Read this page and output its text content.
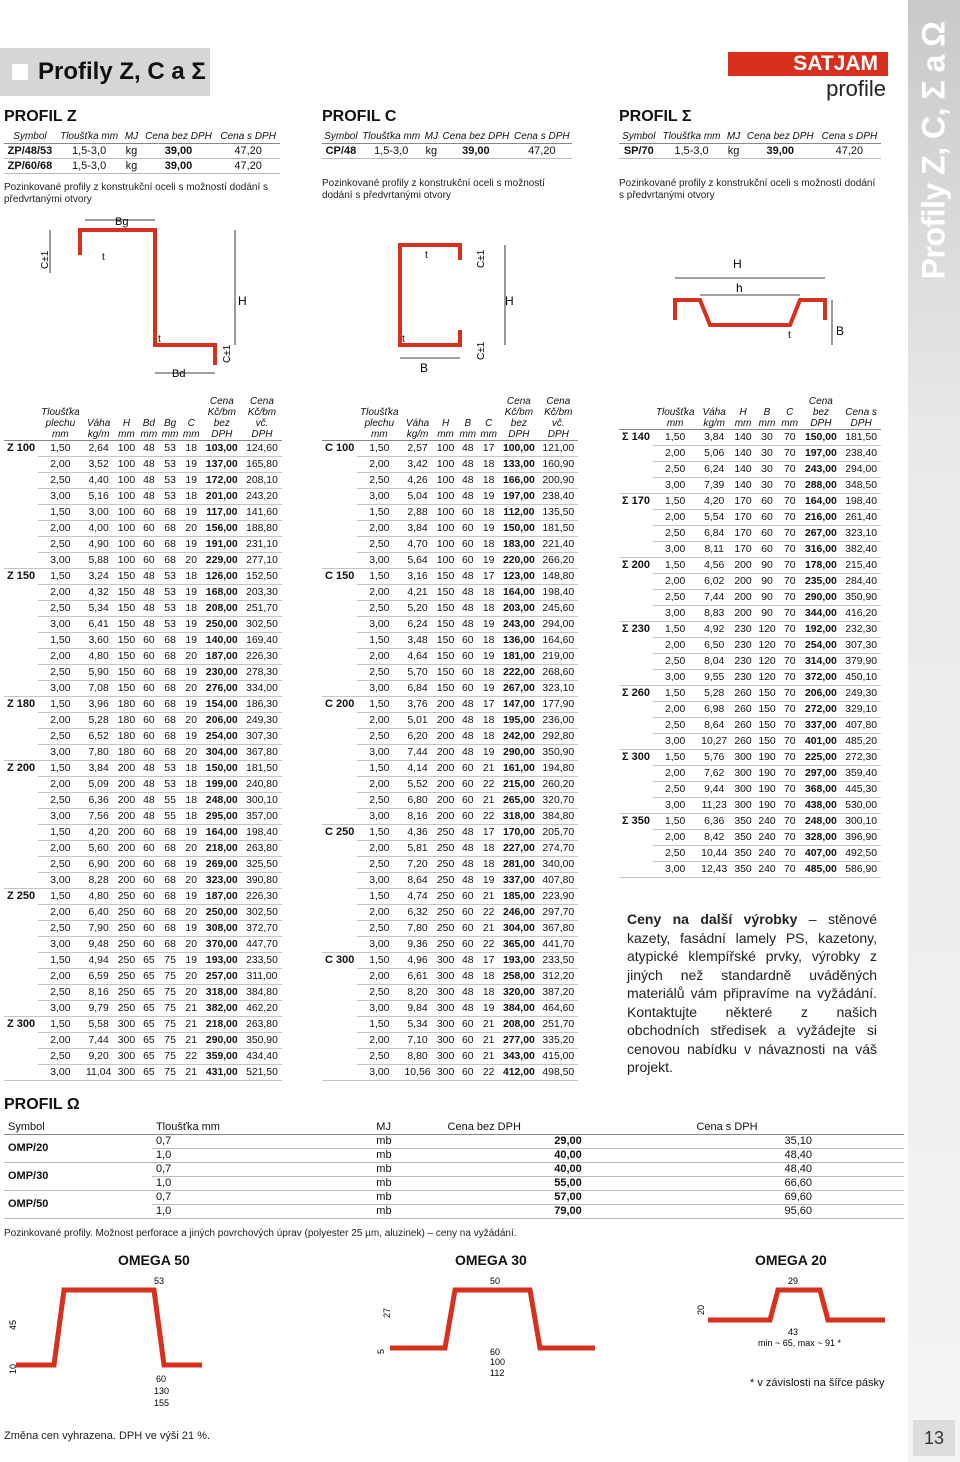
Profily Z, C, Σ a Ω
13
Profily Z, C a Σ	SATJAM
profile
PROFIL Z
Symbol	Tloušťka mm	MJ	Cena bez DPH	Cena s DPH
ZP/48/53	1,5-3,0	kg	39,00	47,20
ZP/60/68	1,5-3,0	kg	39,00	47,20
Pozinkované profily z konstrukční oceli s možností dodání s předvrtanými otvory
PROFIL C
Symbol	Tloušťka mm	MJ	Cena bez DPH	Cena s DPH
CP/48	1,5-3,0	kg	39,00	47,20
Pozinkované profily z konstrukční oceli s možností dodání s předvrtanými otvory
PROFIL Σ
Symbol	Tloušťka mm	MJ	Cena bez DPH	Cena s DPH
SP/70	1,5-3,0	kg	39,00	47,20
Pozinkované profily z konstrukční oceli s možností dodání s předvrtanými otvory
Bg
C±1	t
H
t
C±1
Bd
t	C±1
H
t
C±1
B
H
h
t	B
	Tloušťka plechu mm	Váha kg/m	H mm	Bd mm	Bg mm	C mm	Cena Kč/bm bez DPH	Cena Kč/bm vč. DPH
Z 100	1,50	2,64	100	48	53	18	103,00	124,60
	2,00	3,52	100	48	53	19	137,00	165,80
	2,50	4,40	100	48	53	19	172,00	208,10
	3,00	5,16	100	48	53	18	201,00	243,20
	1,50	3,00	100	60	68	19	117,00	141,60
	2,00	4,00	100	60	68	20	156,00	188,80
	2,50	4,90	100	60	68	19	191,00	231,10
	3,00	5,88	100	60	68	20	229,00	277,10
Z 150	1,50	3,24	150	48	53	18	126,00	152,50
	2,00	4,32	150	48	53	19	168,00	203,30
	2,50	5,34	150	48	53	18	208,00	251,70
	3,00	6,41	150	48	53	19	250,00	302,50
	1,50	3,60	150	60	68	19	140,00	169,40
	2,00	4,80	150	60	68	20	187,00	226,30
	2,50	5,90	150	60	68	19	230,00	278,30
	3,00	7,08	150	60	68	20	276,00	334,00
Z 180	1,50	3,96	180	60	68	19	154,00	186,30
	2,00	5,28	180	60	68	20	206,00	249,30
	2,50	6,52	180	60	68	19	254,00	307,30
	3,00	7,80	180	60	68	20	304,00	367,80
Z 200	1,50	3,84	200	48	53	18	150,00	181,50
	2,00	5,09	200	48	53	18	199,00	240,80
	2,50	6,36	200	48	55	18	248,00	300,10
	3,00	7,56	200	48	55	18	295,00	357,00
	1,50	4,20	200	60	68	19	164,00	198,40
	2,00	5,60	200	60	68	20	218,00	263,80
	2,50	6,90	200	60	68	19	269,00	325,50
	3,00	8,28	200	60	68	20	323,00	390,80
Z 250	1,50	4,80	250	60	68	19	187,00	226,30
	2,00	6,40	250	60	68	20	250,00	302,50
	2,50	7,90	250	60	68	19	308,00	372,70
	3,00	9,48	250	60	68	20	370,00	447,70
	1,50	4,94	250	65	75	19	193,00	233,50
	2,00	6,59	250	65	75	20	257,00	311,00
	2,50	8,16	250	65	75	20	318,00	384,80
	3,00	9,79	250	65	75	21	382,00	462,20
Z 300	1,50	5,58	300	65	75	21	218,00	263,80
	2,00	7,44	300	65	75	21	290,00	350,90
	2,50	9,20	300	65	75	22	359,00	434,40
	3,00	11,04	300	65	75	21	431,00	521,50
	Tloušťka plechu mm	Váha kg/m	H mm	B mm	C mm	Cena Kč/bm bez DPH	Cena Kč/bm vč. DPH
C 100	1,50	2,57	100	48	17	100,00	121,00
	2,00	3,42	100	48	18	133,00	160,90
	2,50	4,26	100	48	18	166,00	200,90
	3,00	5,04	100	48	19	197,00	238,40
	1,50	2,88	100	60	18	112,00	135,50
	2,00	3,84	100	60	19	150,00	181,50
	2,50	4,70	100	60	18	183,00	221,40
	3,00	5,64	100	60	19	220,00	266,20
C 150	1,50	3,16	150	48	17	123,00	148,80
	2,00	4,21	150	48	18	164,00	198,40
	2,50	5,20	150	48	18	203,00	245,60
	3,00	6,24	150	48	19	243,00	294,00
	1,50	3,48	150	60	18	136,00	164,60
	2,00	4,64	150	60	19	181,00	219,00
	2,50	5,70	150	60	18	222,00	268,60
	3,00	6,84	150	60	19	267,00	323,10
C 200	1,50	3,76	200	48	17	147,00	177,90
	2,00	5,01	200	48	18	195,00	236,00
	2,50	6,20	200	48	18	242,00	292,80
	3,00	7,44	200	48	19	290,00	350,90
	1,50	4,14	200	60	21	161,00	194,80
	2,00	5,52	200	60	22	215,00	260,20
	2,50	6,80	200	60	21	265,00	320,70
	3,00	8,16	200	60	22	318,00	384,80
C 250	1,50	4,36	250	48	17	170,00	205,70
	2,00	5,81	250	48	18	227,00	274,70
	2,50	7,20	250	48	18	281,00	340,00
	3,00	8,64	250	48	19	337,00	407,80
	1,50	4,74	250	60	21	185,00	223,90
	2,00	6,32	250	60	22	246,00	297,70
	2,50	7,80	250	60	21	304,00	367,80
	3,00	9,36	250	60	22	365,00	441,70
C 300	1,50	4,96	300	48	17	193,00	233,50
	2,00	6,61	300	48	18	258,00	312,20
	2,50	8,20	300	48	18	320,00	387,20
	3,00	9,84	300	48	19	384,00	464,60
	1,50	5,34	300	60	21	208,00	251,70
	2,00	7,10	300	60	21	277,00	335,20
	2,50	8,80	300	60	21	343,00	415,00
	3,00	10,56	300	60	22	412,00	498,50
	Tloušťka mm	Váha kg/m	H mm	B mm	C mm	Cena bez DPH	Cena s DPH
Σ 140	1,50	3,84	140	30	70	150,00	181,50
	2,00	5,06	140	30	70	197,00	238,40
	2,50	6,24	140	30	70	243,00	294,00
	3,00	7,39	140	30	70	288,00	348,50
Σ 170	1,50	4,20	170	60	70	164,00	198,40
	2,00	5,54	170	60	70	216,00	261,40
	2,50	6,84	170	60	70	267,00	323,10
	3,00	8,11	170	60	70	316,00	382,40
Σ 200	1,50	4,56	200	90	70	178,00	215,40
	2,00	6,02	200	90	70	235,00	284,40
	2,50	7,44	200	90	70	290,00	350,90
	3,00	8,83	200	90	70	344,00	416,20
Σ 230	1,50	4,92	230	120	70	192,00	232,30
	2,00	6,50	230	120	70	254,00	307,30
	2,50	8,04	230	120	70	314,00	379,90
	3,00	9,55	230	120	70	372,00	450,10
Σ 260	1,50	5,28	260	150	70	206,00	249,30
	2,00	6,98	260	150	70	272,00	329,10
	2,50	8,64	260	150	70	337,00	407,80
	3,00	10,27	260	150	70	401,00	485,20
Σ 300	1,50	5,76	300	190	70	225,00	272,30
	2,00	7,62	300	190	70	297,00	359,40
	2,50	9,44	300	190	70	368,00	445,30
	3,00	11,23	300	190	70	438,00	530,00
Σ 350	1,50	6,36	350	240	70	248,00	300,10
	2,00	8,42	350	240	70	328,00	396,90
	2,50	10,44	350	240	70	407,00	492,50
	3,00	12,43	350	240	70	485,00	586,90
Ceny na další výrobky – stěnové kazety, fasádní lamely PS, kazetony, atypické klempířské prvky, výrobky z jiných než standardně uváděných materiálů vám připravíme na vyžádání. Kontaktujte některé z našich obchodních středisek a vyžádejte si cenovou nabídku v návaznosti na váš projekt.
PROFIL Ω
Symbol	Tloušťka mm	MJ	Cena bez DPH	Cena s DPH
OMP/20	0,7	mb	29,00	35,10
	1,0	mb	40,00	48,40
OMP/30	0,7	mb	40,00	48,40
	1,0	mb	55,00	66,60
OMP/50	0,7	mb	57,00	69,60
	1,0	mb	79,00	95,60
Pozinkované profily. Možnost perforace a jiných povrchových úprav (polyester 25 µm, aluzinek) – ceny na vyžádání.
OMEGA 50
53
45
10
60
130
155
OMEGA 30
50
27
5	60
100
112
OMEGA 20
29
20
43
min ~ 65, max ~ 91 *
* v závislosti na šířce pásky
Změna cen vyhrazena. DPH ve výši 21 %.
